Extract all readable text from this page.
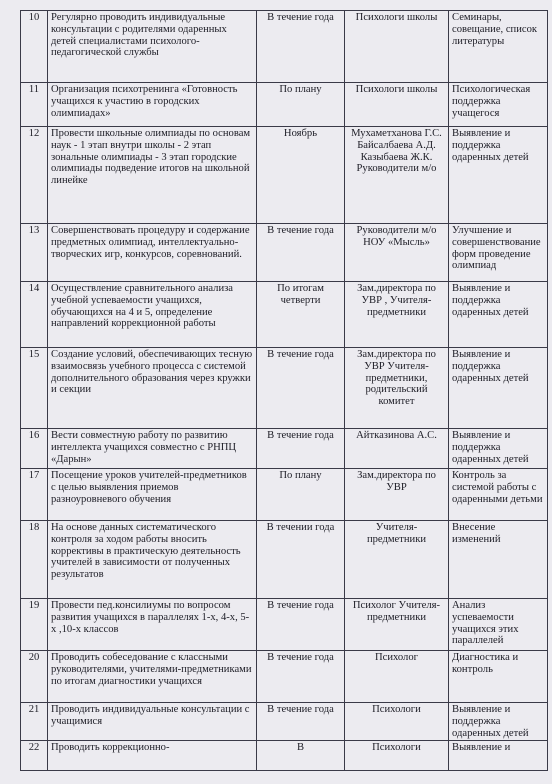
10	Регулярно проводить индивидуальные консультации с родителями одаренных детей специалистами психолого-педагогической службы	В течение года	Психологи школы	Семинары, совещание, список литературы
11	Организация психотренинга «Готовность учащихся к участию в городских олимпиадах»	По плану	Психологи школы	Психологическая поддержка учащегося
12	Провести школьные олимпиады по основам наук - 1 этап внутри школы - 2 этап зональные олимпиады - 3 этап городские олимпиады подведение итогов на школьной линейке	Ноябрь	Мухаметханова Г.С. Байсалбаева А.Д. Казыбаева Ж.К. Руководители м/о	Выявление и поддержка одаренных детей
13	Совершенствовать процедуру и содержание предметных олимпиад, интеллектуально-творческих игр, конкурсов, соревнований.	В течение года	Руководители м/о НОУ «Мысль»	Улучшение и совершенствование форм проведение олимпиад
14	Осуществление сравнительного анализа учебной успеваемости учащихся, обучающихся на 4 и 5, определение направлений коррекционной работы	По итогам четверти	Зам.директора по УВР , Учителя-предметники	Выявление и поддержка одаренных детей
15	Создание условий, обеспечивающих тесную взаимосвязь учебного процесса с системой дополнительного образования через кружки и секции	В течение года	Зам.директора по УВР Учителя-предметники, родительский комитет	Выявление и поддержка одаренных детей
16	Вести совместную работу по развитию интеллекта учащихся совместно с РНПЦ «Дарын»	В течение года	Айтказинова А.С.	Выявление и поддержка одаренных детей
17	Посещение уроков учителей-предметников с целью выявления приемов разноуровневого обучения	По плану	Зам.директора по УВР	Контроль за системой работы с одаренными детьми
18	На основе данных систематического контроля за ходом работы вносить коррективы в практическую деятельность учителей в зависимости от полученных результатов	В течении года	Учителя-предметники	Внесение изменений
19	Провести пед.консилиумы по вопросом развития учащихся в параллелях 1-х, 4-х, 5-х ,10-х классов	В течение года	Психолог Учителя-предметники	Анализ успеваемости учащихся этих параллелей
20	Проводить собеседование с классными руководителями, учителями-предметниками по итогам диагностики учащихся	В течение года	Психолог	Диагностика и контроль
21	Проводить индивидуальные консультации с учащимися	В течение года	Психологи	Выявление и поддержка одаренных детей
22	Проводить коррекционно-	В	Психологи	Выявление и
